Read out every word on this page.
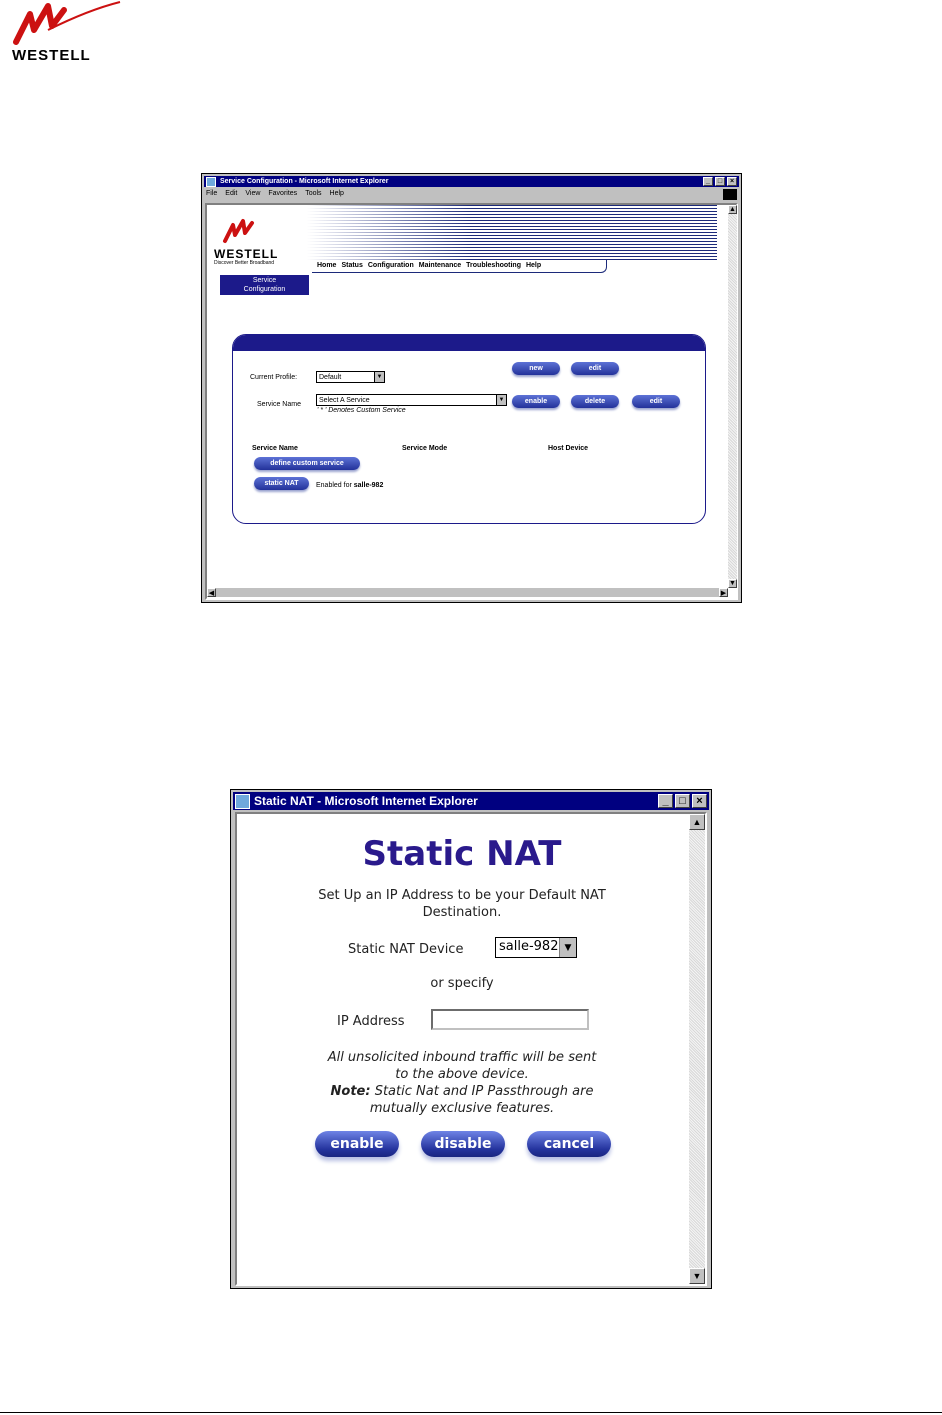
WESTELL
Service Configuration - Microsoft Internet Explorer	_	□	×
File Edit View Favorites Tools Help
WESTELL
Discover Better Broadband	Home Status Configuration Maintenance Troubleshooting Help
Service
Configuration
Current Profile:	Default	▼
new	edit
Service Name
Select A Service	▼
' * ' Denotes Custom Service
enable	delete	edit
Service Name	Service Mode	Host Device
define custom service
static NAT	Enabled for salle-982
▲
▼
◀	▶
Static NAT - Microsoft Internet Explorer	_ □ ×
Static NAT
Set Up an IP Address to be your Default NAT
Destination.
Static NAT Device	salle-982 ▼
or specify
IP Address
All unsolicited inbound traffic will be sent
to the above device.
Note: Static Nat and IP Passthrough are
mutually exclusive features.
enable	disable	cancel
▲
▼
